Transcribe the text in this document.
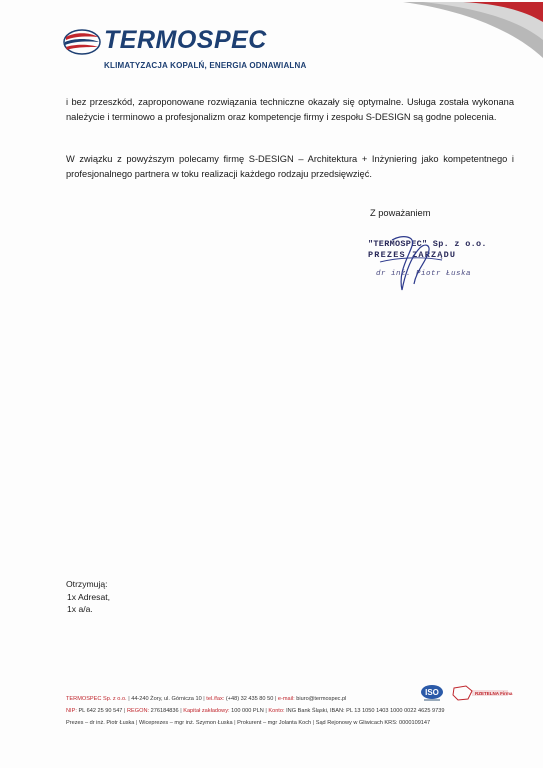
TERMOSPEC
KLIMATYZACJA KOPALŃ, ENERGIA ODNAWIALNA
i bez przeszkód, zaproponowane rozwiązania techniczne okazały się optymalne. Usługa została wykonana należycie i terminowo a profesjonalizm oraz kompetencje firmy i zespołu S-DESIGN są godne polecenia.
W związku z powyższym polecamy firmę S-DESIGN – Architektura + Inżyniering jako kompetentnego i profesjonalnego partnera w toku realizacji każdego rodzaju przedsięwzięć.
Z poważaniem
"TERMOSPEC" Sp. z o.o.
PREZES ZARZĄDU
dr inż. Piotr Łuska
Otrzymują:
1x Adresat,
1x a/a.
ISO	RZETELNA Firma
TERMOSPEC Sp. z o.o. | 44-240 Żory, ul. Górnicza 10 | tel./fax: (+48) 32 435 80 50 | e-mail: biuro@termospec.pl
NIP: PL 642 25 90 547 | REGON: 276184836 | Kapitał zakładowy: 100 000 PLN | Konto: ING Bank Śląski, IBAN: PL 13 1050 1403 1000 0022 4625 9739
Prezes – dr inż. Piotr Łuska | Wiceprezes – mgr inż. Szymon Łuska | Prokurent – mgr Jolanta Koch | Sąd Rejonowy w Gliwicach KRS: 0000109147
